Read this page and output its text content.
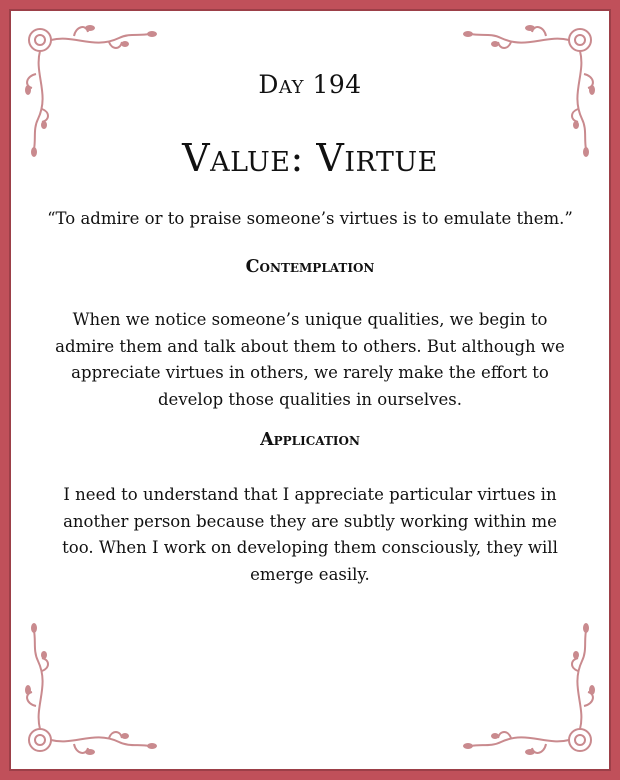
Day 194
Value: Virtue
“To admire or to praise someone’s virtues is to emulate them.”
Contemplation
When we notice someone’s unique qualities, we begin to admire them and talk about them to others. But although we appreciate virtues in others, we rarely make the effort to develop those qualities in ourselves.
Application
I need to understand that I appreciate particular virtues in another person because they are subtly working within me too. When I work on developing them consciously, they will emerge easily.
